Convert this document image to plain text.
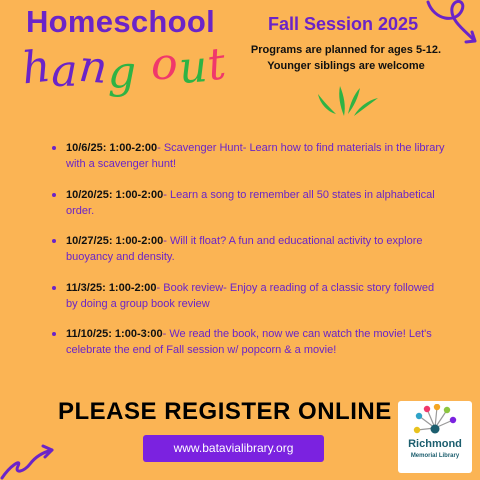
Homeschool
hang out
Fall Session 2025
Programs are planned for ages 5-12.
Younger siblings are welcome
10/6/25: 1:00-2:00- Scavenger Hunt- Learn how to find materials in the library with a scavenger hunt!
10/20/25: 1:00-2:00- Learn a song to remember all 50 states in alphabetical order.
10/27/25: 1:00-2:00- Will it float? A fun and educational activity to explore buoyancy and density.
11/3/25: 1:00-2:00- Book review- Enjoy a reading of a classic story followed by doing a group book review
11/10/25: 1:00-3:00- We read the book, now we can watch the movie! Let's celebrate the end of Fall session w/ popcorn & a movie!
PLEASE REGISTER ONLINE
www.batavialibrary.org	Richmond
Memorial Library
